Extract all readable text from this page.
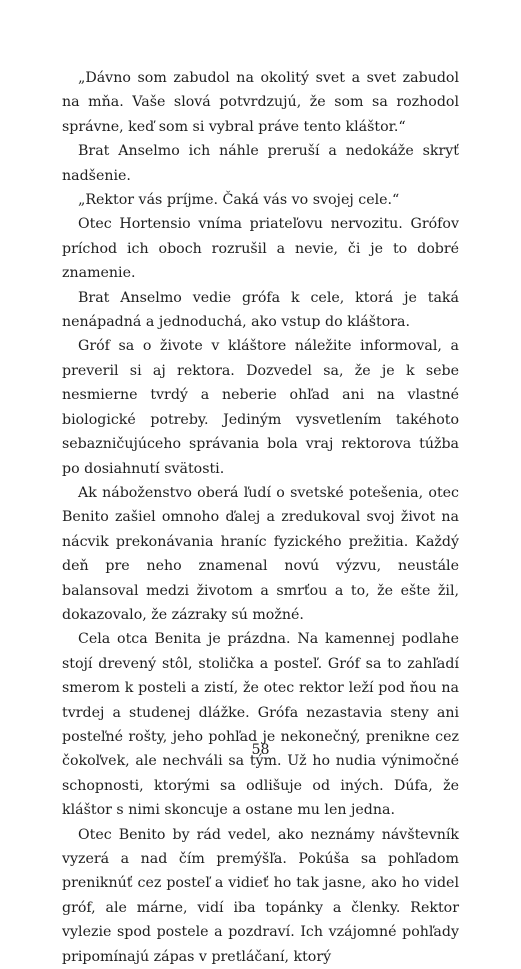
„Dávno som zabudol na okolitý svet a svet zabudol na mňa. Vaše slová potvrdzujú, že som sa rozhodol správne, keď som si vybral práve tento kláštor.“

Brat Anselmo ich náhle preruší a nedokáže skryť nadšenie.

„Rektor vás príjme. Čaká vás vo svojej cele.“

Otec Hortensio vníma priateľovu nervozitu. Grófov príchod ich oboch rozrušil a nevie, či je to dobré znamenie.

Brat Anselmo vedie grófa k cele, ktorá je taká nenápadná a jednoduchá, ako vstup do kláštora.

Gróf sa o živote v kláštore náležite informoval, a preveril si aj rektora. Dozvedel sa, že je k sebe nesmierne tvrdý a neberie ohľad ani na vlastné biologické potreby. Jediným vysvetlením takéhoto sebazničujúceho správania bola vraj rektorova túžba po dosiahnutí svätosti.

Ak náboženstvo oberá ľudí o svetské potešenia, otec Benito zašiel omnoho ďalej a zredukoval svoj život na nácvik prekonávania hraníc fyzického prežitia. Každý deň pre neho znamenal novú výzvu, neustále balansoval medzi životom a smrťou a to, že ešte žil, dokazovalo, že zázraky sú možné.

Cela otca Benita je prázdna. Na kamennej podlahe stojí drevený stôl, stolička a posteľ. Gróf sa to zahľadí smerom k posteli a zistí, že otec rektor leží pod ňou na tvrdej a studenej dlážke. Grófa nezastavia steny ani posteľné rošty, jeho pohľad je nekonečný, prenikne cez čokoľvek, ale nechváli sa tým. Už ho nudia výnimočné schopnosti, ktorými sa odlišuje od iných. Dúfa, že kláštor s nimi skoncuje a ostane mu len jedna.

Otec Benito by rád vedel, ako neznámy návštevník vyzerá a nad čím premýšľa. Pokúša sa pohľadom preniknúť cez posteľ a vidieť ho tak jasne, ako ho videl gróf, ale márne, vidí iba topánky a členky. Rektor vylezie spod postele a pozdraví. Ich vzájomné pohľady pripomínajú zápas v pretláčaní, ktorý

58
